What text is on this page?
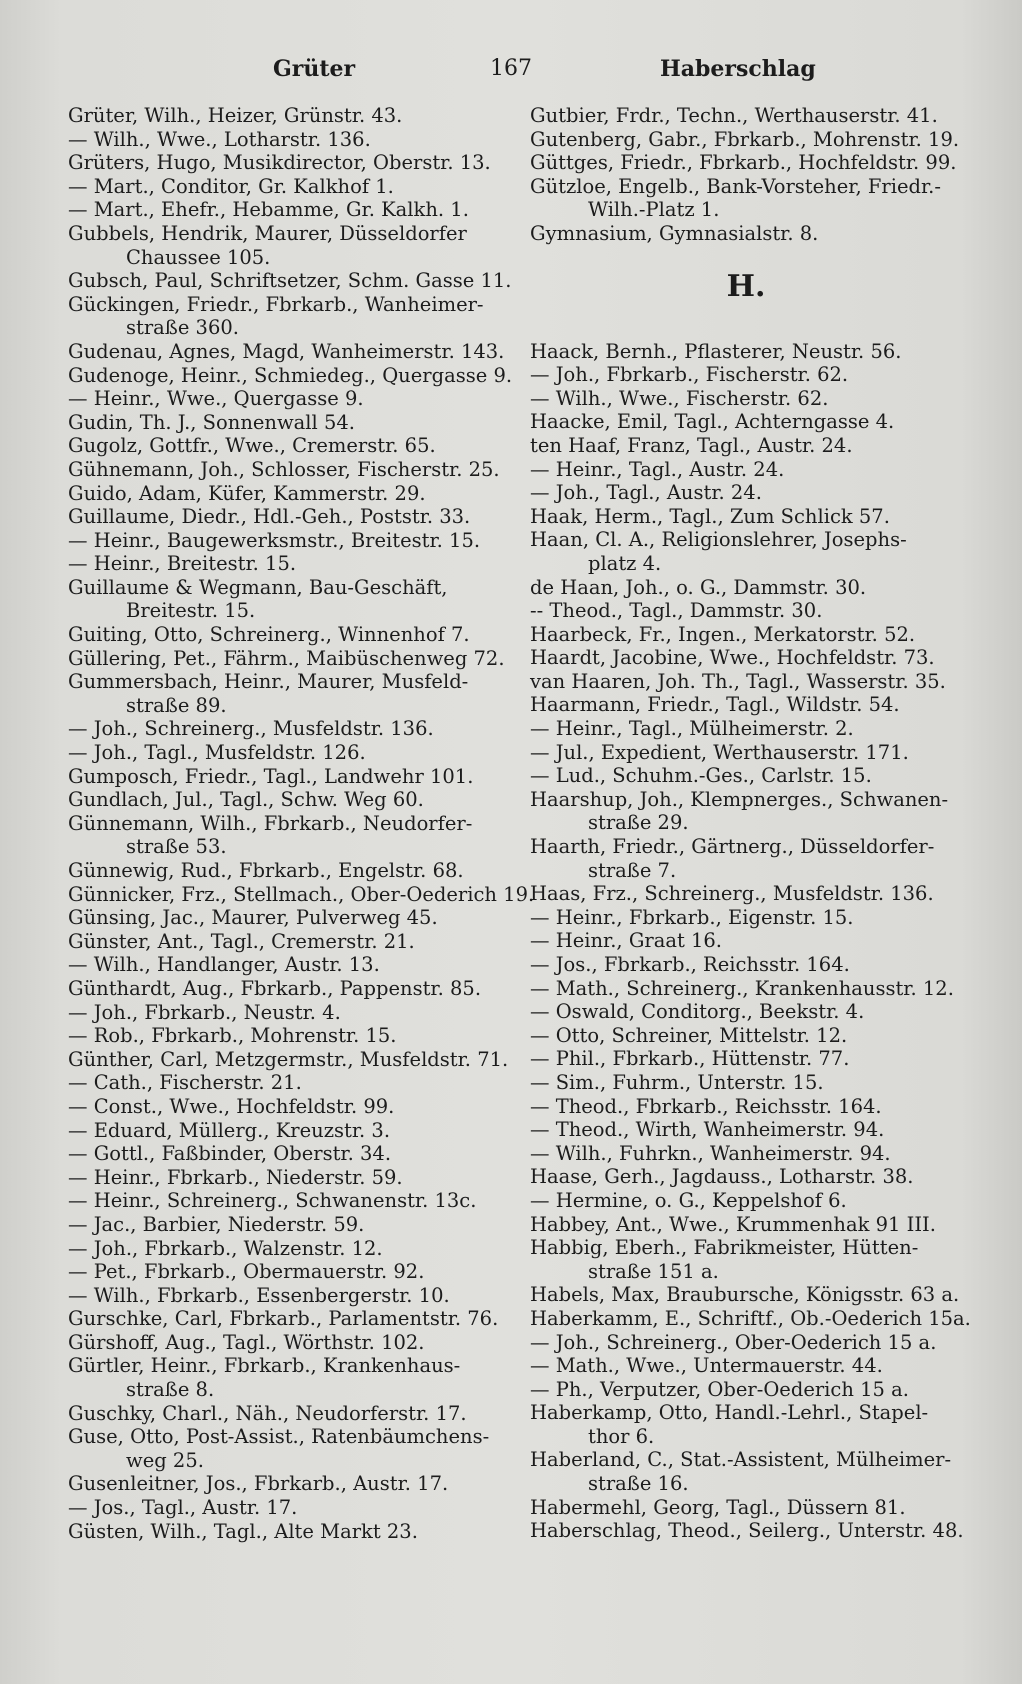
Grüter	167	Haberschlag
Grüter, Wilh., Heizer, Grünstr. 43.
— Wilh., Wwe., Lotharstr. 136.
Grüters, Hugo, Musikdirector, Oberstr. 13.
— Mart., Conditor, Gr. Kalkhof 1.
— Mart., Ehefr., Hebamme, Gr. Kalkh. 1.
Gubbels, Hendrik, Maurer, Düsseldorfer
Chaussee 105.
Gubsch, Paul, Schriftsetzer, Schm. Gasse 11.
Gückingen, Friedr., Fbrkarb., Wanheimer-
straße 360.
Gudenau, Agnes, Magd, Wanheimerstr. 143.
Gudenoge, Heinr., Schmiedeg., Quergasse 9.
— Heinr., Wwe., Quergasse 9.
Gudin, Th. J., Sonnenwall 54.
Gugolz, Gottfr., Wwe., Cremerstr. 65.
Gühnemann, Joh., Schlosser, Fischerstr. 25.
Guido, Adam, Küfer, Kammerstr. 29.
Guillaume, Diedr., Hdl.-Geh., Poststr. 33.
— Heinr., Baugewerksmstr., Breitestr. 15.
— Heinr., Breitestr. 15.
Guillaume & Wegmann, Bau-Geschäft,
Breitestr. 15.
Guiting, Otto, Schreinerg., Winnenhof 7.
Güllering, Pet., Fährm., Maibüschenweg 72.
Gummersbach, Heinr., Maurer, Musfeld-
straße 89.
— Joh., Schreinerg., Musfeldstr. 136.
— Joh., Tagl., Musfeldstr. 126.
Gumposch, Friedr., Tagl., Landwehr 101.
Gundlach, Jul., Tagl., Schw. Weg 60.
Günnemann, Wilh., Fbrkarb., Neudorfer-
straße 53.
Günnewig, Rud., Fbrkarb., Engelstr. 68.
Günnicker, Frz., Stellmach., Ober-Oederich 19.
Günsing, Jac., Maurer, Pulverweg 45.
Günster, Ant., Tagl., Cremerstr. 21.
— Wilh., Handlanger, Austr. 13.
Günthardt, Aug., Fbrkarb., Pappenstr. 85.
— Joh., Fbrkarb., Neustr. 4.
— Rob., Fbrkarb., Mohrenstr. 15.
Günther, Carl, Metzgermstr., Musfeldstr. 71.
— Cath., Fischerstr. 21.
— Const., Wwe., Hochfeldstr. 99.
— Eduard, Müllerg., Kreuzstr. 3.
— Gottl., Faßbinder, Oberstr. 34.
— Heinr., Fbrkarb., Niederstr. 59.
— Heinr., Schreinerg., Schwanenstr. 13c.
— Jac., Barbier, Niederstr. 59.
— Joh., Fbrkarb., Walzenstr. 12.
— Pet., Fbrkarb., Obermauerstr. 92.
— Wilh., Fbrkarb., Essenbergerstr. 10.
Gurschke, Carl, Fbrkarb., Parlamentstr. 76.
Gürshoff, Aug., Tagl., Wörthstr. 102.
Gürtler, Heinr., Fbrkarb., Krankenhaus-
straße 8.
Guschky, Charl., Näh., Neudorferstr. 17.
Guse, Otto, Post-Assist., Ratenbäumchens-
weg 25.
Gusenleitner, Jos., Fbrkarb., Austr. 17.
— Jos., Tagl., Austr. 17.
Güsten, Wilh., Tagl., Alte Markt 23.
Gutbier, Frdr., Techn., Werthauserstr. 41.
Gutenberg, Gabr., Fbrkarb., Mohrenstr. 19.
Güttges, Friedr., Fbrkarb., Hochfeldstr. 99.
Gützloe, Engelb., Bank-Vorsteher, Friedr.-
Wilh.-Platz 1.
Gymnasium, Gymnasialstr. 8.
H.
Haack, Bernh., Pflasterer, Neustr. 56.
— Joh., Fbrkarb., Fischerstr. 62.
— Wilh., Wwe., Fischerstr. 62.
Haacke, Emil, Tagl., Achterngasse 4.
ten Haaf, Franz, Tagl., Austr. 24.
— Heinr., Tagl., Austr. 24.
— Joh., Tagl., Austr. 24.
Haak, Herm., Tagl., Zum Schlick 57.
Haan, Cl. A., Religionslehrer, Josephs-
platz 4.
de Haan, Joh., o. G., Dammstr. 30.
-- Theod., Tagl., Dammstr. 30.
Haarbeck, Fr., Ingen., Merkatorstr. 52.
Haardt, Jacobine, Wwe., Hochfeldstr. 73.
van Haaren, Joh. Th., Tagl., Wasserstr. 35.
Haarmann, Friedr., Tagl., Wildstr. 54.
— Heinr., Tagl., Mülheimerstr. 2.
— Jul., Expedient, Werthauserstr. 171.
— Lud., Schuhm.-Ges., Carlstr. 15.
Haarshup, Joh., Klempnerges., Schwanen-
straße 29.
Haarth, Friedr., Gärtnerg., Düsseldorfer-
straße 7.
Haas, Frz., Schreinerg., Musfeldstr. 136.
— Heinr., Fbrkarb., Eigenstr. 15.
— Heinr., Graat 16.
— Jos., Fbrkarb., Reichsstr. 164.
— Math., Schreinerg., Krankenhausstr. 12.
— Oswald, Conditorg., Beekstr. 4.
— Otto, Schreiner, Mittelstr. 12.
— Phil., Fbrkarb., Hüttenstr. 77.
— Sim., Fuhrm., Unterstr. 15.
— Theod., Fbrkarb., Reichsstr. 164.
— Theod., Wirth, Wanheimerstr. 94.
— Wilh., Fuhrkn., Wanheimerstr. 94.
Haase, Gerh., Jagdauss., Lotharstr. 38.
— Hermine, o. G., Keppelshof 6.
Habbey, Ant., Wwe., Krummenhak 91 III.
Habbig, Eberh., Fabrikmeister, Hütten-
straße 151 a.
Habels, Max, Braubursche, Königsstr. 63 a.
Haberkamm, E., Schriftf., Ob.-Oederich 15a.
— Joh., Schreinerg., Ober-Oederich 15 a.
— Math., Wwe., Untermauerstr. 44.
— Ph., Verputzer, Ober-Oederich 15 a.
Haberkamp, Otto, Handl.-Lehrl., Stapel-
thor 6.
Haberland, C., Stat.-Assistent, Mülheimer-
straße 16.
Habermehl, Georg, Tagl., Düssern 81.
Haberschlag, Theod., Seilerg., Unterstr. 48.
